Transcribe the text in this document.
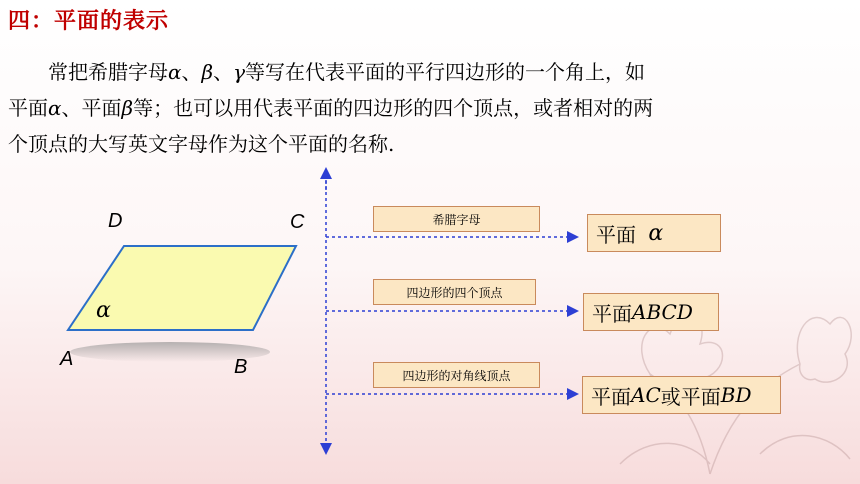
四：平面的表示

常把希腊字母α、β、γ等写在代表平面的平行四边形的一个角上，如

平面α、平面β等；也可以用代表平面的四边形的四个顶点，或者相对的两

个顶点的大写英文字母作为这个平面的名称.

D	C
A	B
α
希腊字母
四边形的四个顶点
四边形的对角线顶点
平面
α
平面 ABCD
平面 AC 或平面 BD
